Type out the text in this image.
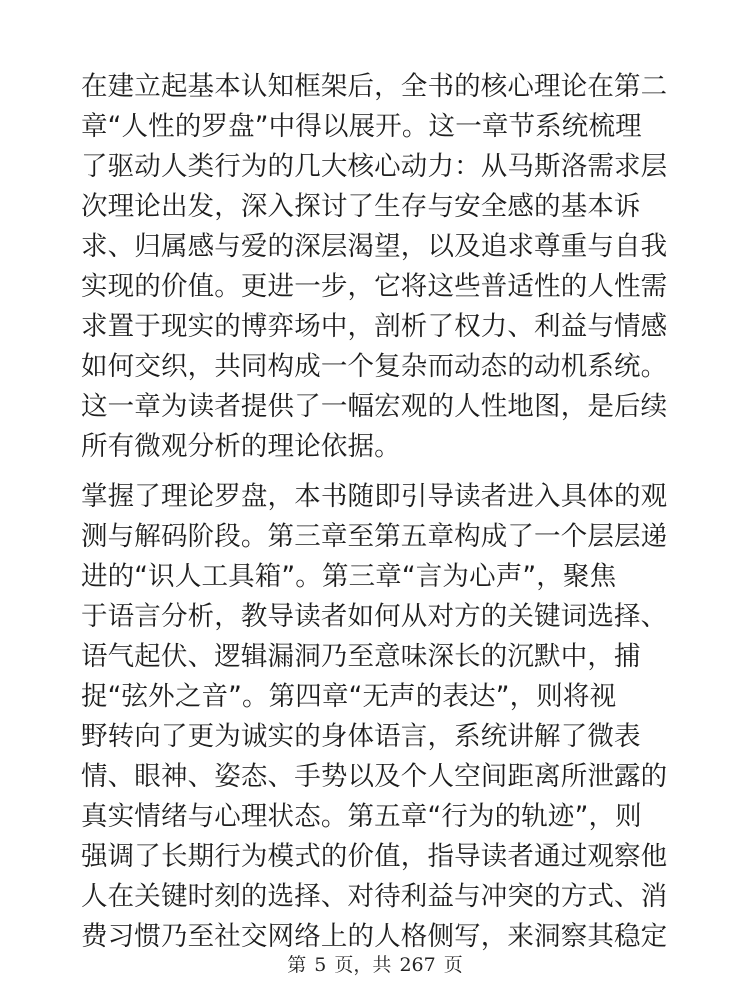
在建立起基本认知框架后，全书的核心理论在第二
章“人性的罗盘”中得以展开。这一章节系统梳理
了驱动人类行为的几大核心动力：从马斯洛需求层
次理论出发，深入探讨了生存与安全感的基本诉
求、归属感与爱的深层渴望，以及追求尊重与自我
实现的价值。更进一步，它将这些普适性的人性需
求置于现实的博弈场中，剖析了权力、利益与情感
如何交织，共同构成一个复杂而动态的动机系统。
这一章为读者提供了一幅宏观的人性地图，是后续
所有微观分析的理论依据。
掌握了理论罗盘，本书随即引导读者进入具体的观
测与解码阶段。第三章至第五章构成了一个层层递
进的“识人工具箱”。第三章“言为心声”，聚焦
于语言分析，教导读者如何从对方的关键词选择、
语气起伏、逻辑漏洞乃至意味深长的沉默中，捕
捉“弦外之音”。第四章“无声的表达”，则将视
野转向了更为诚实的身体语言，系统讲解了微表
情、眼神、姿态、手势以及个人空间距离所泄露的
真实情绪与心理状态。第五章“行为的轨迹”，则
强调了长期行为模式的价值，指导读者通过观察他
人在关键时刻的选择、对待利益与冲突的方式、消
费习惯乃至社交网络上的人格侧写，来洞察其稳定
第 5 页，共 267 页
